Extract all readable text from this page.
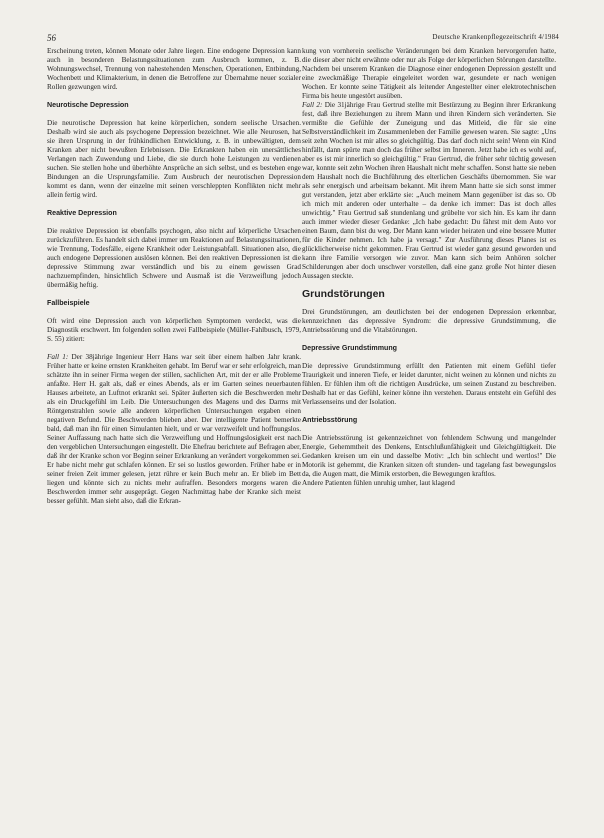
56	Deutsche Krankenpflegezeitschrift 4/1984

Erscheinung treten, können Monate oder Jahre liegen. Eine endogene Depression kann auch in besonderen Belastungssituationen zum Ausbruch kommen, z. B. Wohnungswechsel, Trennung von nahestehenden Menschen, Operationen, Entbindung, Wochenbett und Klimakterium, in denen die Betroffene zur Übernahme neuer sozialer Rollen gezwungen wird.

Neurotische Depression

Die neurotische Depression hat keine körperlichen, sondern seelische Ursachen. Deshalb wird sie auch als psychogene Depression bezeichnet. Wie alle Neurosen, hat sie ihren Ursprung in der frühkindlichen Entwicklung, z. B. in unbewältigten, dem Kranken aber nicht bewußten Erlebnissen. Die Erkrankten haben ein unersättliches Verlangen nach Zuwendung und Liebe, die sie durch hohe Leistungen zu verdienen suchen. Sie stellen hohe und überhöhte Ansprüche an sich selbst, und es bestehen enge Bindungen an die Ursprungsfamilie. Zum Ausbruch der neurotischen Depression kommt es dann, wenn der einzelne mit seinen verschleppten Konflikten nicht mehr allein fertig wird.

Reaktive Depression

Die reaktive Depression ist ebenfalls psychogen, also nicht auf körperliche Ursachen zurückzuführen. Es handelt sich dabei immer um Reaktionen auf Belastungssituationen, wie Trennung, Todesfälle, eigene Krankheit oder Leistungsabfall. Situationen also, die auch endogene Depressionen auslösen können. Bei den reaktiven Depressionen ist die depressive Stimmung zwar verständlich und bis zu einem gewissen Grad nachzuempfinden, hinsichtlich Schwere und Ausmaß ist die Verzweiflung jedoch übermäßig heftig.

Fallbeispiele

Oft wird eine Depression auch von körperlichen Symptomen verdeckt, was die Diagnostik erschwert. Im folgenden sollen zwei Fallbeispiele (Müller-Fahlbusch, 1979, S. 55) zitiert:

Fall 1: Der 38jährige Ingenieur Herr Hans war seit über einem halben Jahr krank. Früher hatte er keine ernsten Krankheiten gehabt. Im Beruf war er sehr erfolgreich, man schätzte ihn in seiner Firma wegen der stillen, sachlichen Art, mit der er alle Probleme anfaßte. Herr H. galt als, daß er eines Abends, als er im Garten seines neuerbauten Hauses arbeitete, an Luftnot erkrankt sei. Später äußerten sich die Beschwerden mehr als ein Druckgefühl im Leib. Die Untersuchungen des Magens und des Darms mit Röntgenstrahlen sowie alle anderen körperlichen Untersuchungen ergaben einen negativen Befund. Die Beschwerden blieben aber. Der intelligente Patient bemerkte bald, daß man ihn für einen Simulanten hielt, und er war verzweifelt und hoffnungslos. Seiner Auffassung nach hatte sich die Verzweiflung und Hoffnungslosigkeit erst nach den vergeblichen Untersuchungen eingestellt. Die Ehefrau berichtete auf Befragen aber, daß ihr der Kranke schon vor Beginn seiner Erkrankung an verändert vorgekommen sei. Er habe nicht mehr gut schlafen können. Er sei so lustlos geworden. Früher habe er in seiner freien Zeit immer gelesen, jetzt rühre er kein Buch mehr an. Er blieb im Bett liegen und könnte sich zu nichts mehr aufraffen. Besonders morgens waren die Beschwerden immer sehr ausgeprägt. Gegen Nachmittag habe der Kranke sich meist besser gefühlt. Man sieht also, daß die Erkran-

kung von vornherein seelische Veränderungen bei dem Kranken hervorgerufen hatte, die dieser aber nicht erwähnte oder nur als Folge der körperlichen Störungen darstellte. Nachdem bei unserem Kranken die Diagnose einer endogenen Depression gestellt und eine zweckmäßige Therapie eingeleitet worden war, gesundete er nach wenigen Wochen. Er konnte seine Tätigkeit als leitender Angestellter einer elektrotechnischen Firma bis heute ungestört ausüben.

Fall 2: Die 31jährige Frau Gertrud stellte mit Bestürzung zu Beginn ihrer Erkrankung fest, daß ihre Beziehungen zu ihrem Mann und ihren Kindern sich veränderten. Sie vermißte die Gefühle der Zuneigung und das Mitleid, die für sie eine Selbstverständlichkeit im Zusammenleben der Familie gewesen waren. Sie sagte: „Uns seit zehn Wochen ist mir alles so gleichgültig. Das darf doch nicht sein! Wenn ein Kind hinfällt, dann spürte man doch das früher selbst im Inneren. Jetzt habe ich es wohl auf, aber es ist mir innerlich so gleichgültig." Frau Gertrud, die früher sehr tüchtig gewesen war, konnte seit zehn Wochen ihren Haushalt nicht mehr schaffen. Sonst hatte sie neben dem Haushalt noch die Buchführung des elterlichen Geschäfts übernommen. Sie war als sehr energisch und arbeitsam bekannt. Mit ihrem Mann hatte sie sich sonst immer gut verstanden, jetzt aber erklärte sie: „Auch meinem Mann gegenüber ist das so. Ob ich mich mit anderen oder unterhalte – da denke ich immer: Das ist doch alles unwichtig." Frau Gertrud saß stundenlang und grübelte vor sich hin. Es kam ihr dann auch immer wieder dieser Gedanke: „Ich habe gedacht: Du fährst mit dem Auto vor einen Baum, dann bist du weg. Der Mann kann wieder heiraten und eine bessere Mutter für die Kinder nehmen. Ich habe ja versagt." Zur Ausführung dieses Planes ist es glücklicherweise nicht gekommen. Frau Gertrud ist wieder ganz gesund geworden und kann ihre Familie versorgen wie zuvor. Man kann sich beim Anhören solcher Schilderungen aber doch unschwer vorstellen, daß eine ganz große Not hinter diesen Aussagen steckte.

Grundstörungen

Drei Grundstörungen, am deutlichsten bei der endogenen Depression erkennbar, kennzeichnen das depressive Syndrom: die depressive Grundstimmung, die Antriebsstörung und die Vitalstörungen.

Depressive Grundstimmung

Die depressive Grundstimmung erfüllt den Patienten mit einem Gefühl tiefer Traurigkeit und inneren Tiefe, er leidet darunter, nicht weinen zu können und nichts zu fühlen. Er fühlen ihm oft die richtigen Ausdrücke, um seinen Zustand zu beschreiben. Deshalb hat er das Gefühl, keiner könne ihn verstehen. Daraus entsteht ein Gefühl des Verlassenseins und der Isolation.

Antriebsstörung

Die Antriebsstörung ist gekennzeichnet von fehlendem Schwung und mangelnder Energie, Gehemmtheit des Denkens, Entschlußunfähigkeit und Gleichgültigkeit. Die Gedanken kreisen um ein und dasselbe Motiv: „Ich bin schlecht und wertlos!" Die Motorik ist gehemmt, die Kranken sitzen oft stunden- und tagelang fast bewegungslos da, die Augen matt, die Mimik erstorben, die Bewegungen kraftlos.

Andere Patienten fühlen unruhig umher, laut klagend
